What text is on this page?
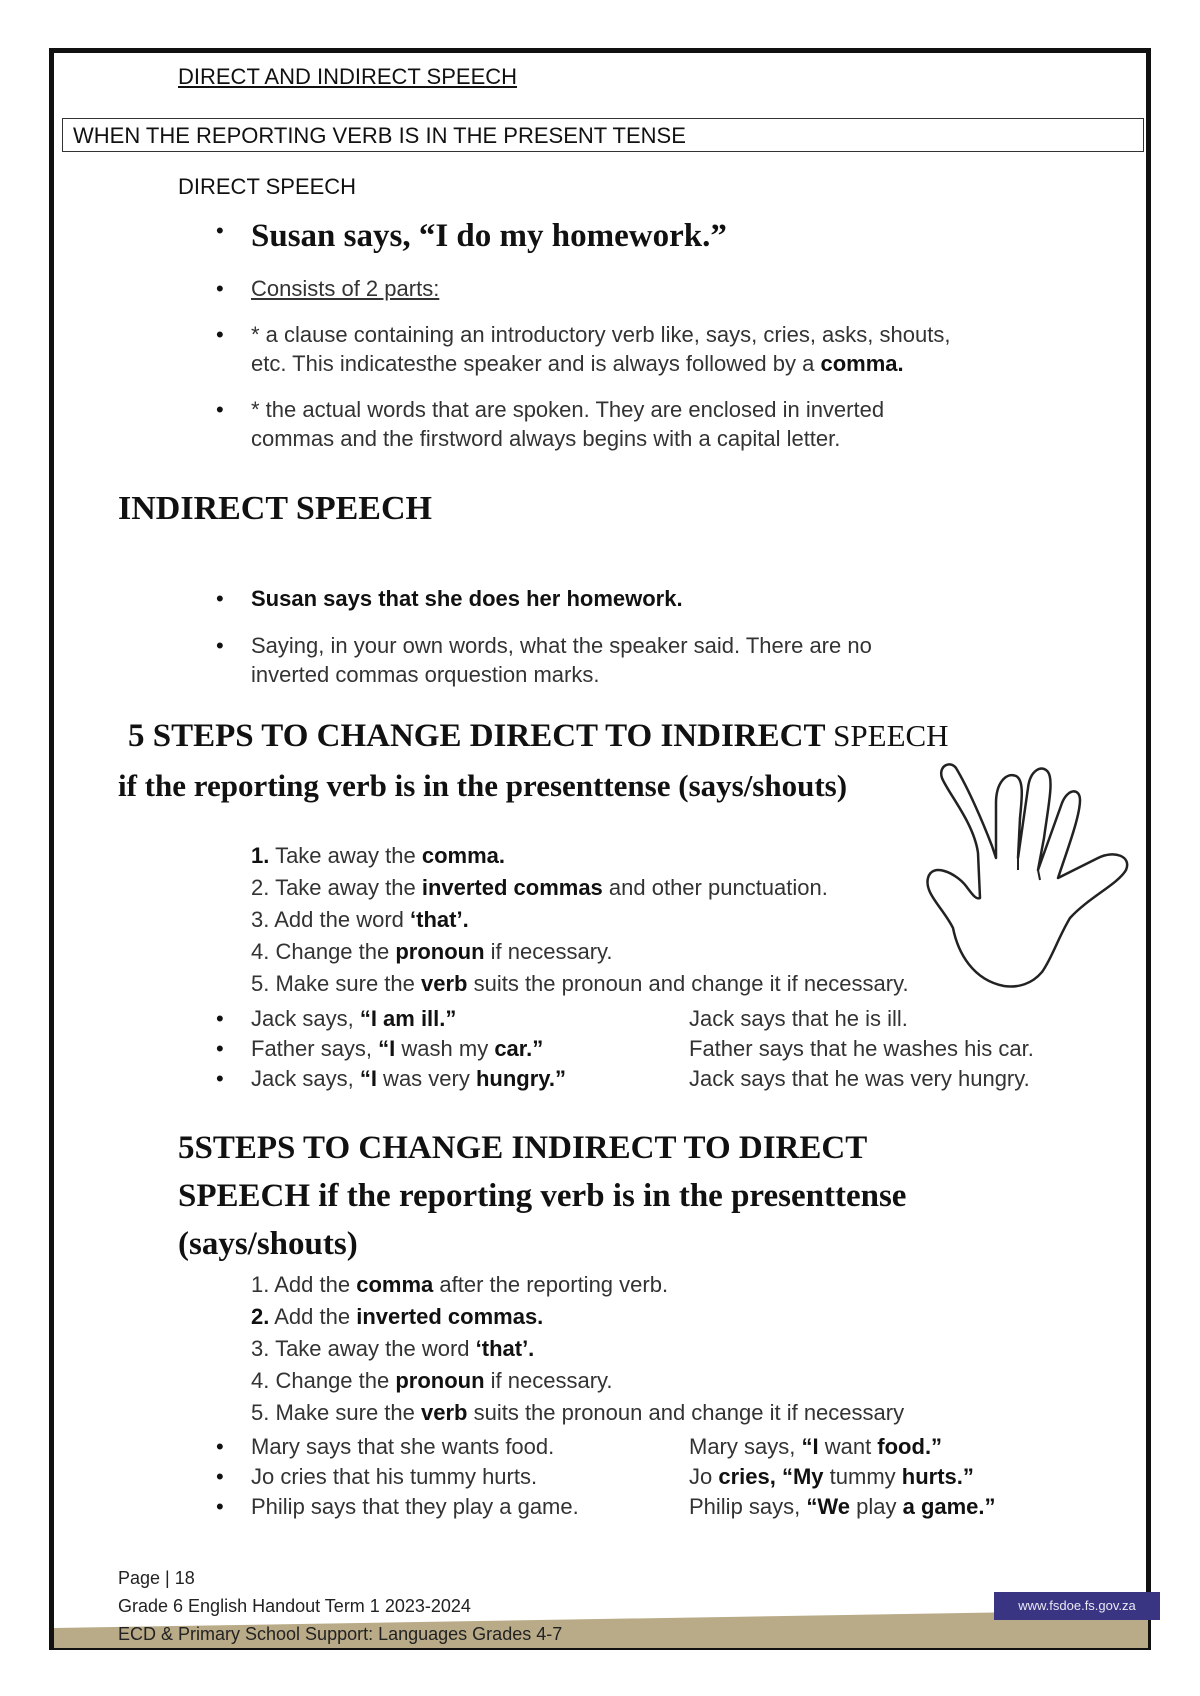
DIRECT AND INDIRECT SPEECH
WHEN THE REPORTING VERB IS IN THE PRESENT TENSE
DIRECT SPEECH
• Susan says, “I do my homework.”
• Consists of 2 parts:
• * a clause containing an introductory verb like, says, cries, asks, shouts,
etc. This indicatesthe speaker and is always followed by a comma.
• * the actual words that are spoken. They are enclosed in inverted
commas and the firstword always begins with a capital letter.
INDIRECT SPEECH
• Susan says that she does her homework.
• Saying, in your own words, what the speaker said. There are no
inverted commas orquestion marks.
5 STEPS TO CHANGE DIRECT TO INDIRECT SPEECH
if the reporting verb is in the presenttense (says/shouts)
1. Take away the comma.
2. Take away the inverted commas and other punctuation.
3. Add the word ‘that’.
4. Change the pronoun if necessary.
5. Make sure the verb suits the pronoun and change it if necessary.
• Jack says, “I am ill.”	Jack says that he is ill.
• Father says, “I wash my car.”	Father says that he washes his car.
• Jack says, “I was very hungry.”	Jack says that he was very hungry.
5STEPS TO CHANGE INDIRECT TO DIRECT
SPEECH if the reporting verb is in the presenttense
(says/shouts)
1. Add the comma after the reporting verb.
2. Add the inverted commas.
3. Take away the word ‘that’.
4. Change the pronoun if necessary.
5. Make sure the verb suits the pronoun and change it if necessary
• Mary says that she wants food.	Mary says, “I want food.”
• Jo cries that his tummy hurts.	Jo cries, “My tummy hurts.”
• Philip says that they play a game.	Philip says, “We play a game.”
www.fsdoe.fs.gov.za
Page | 18
Grade 6 English Handout Term 1 2023-2024
ECD & Primary School Support: Languages Grades 4-7
